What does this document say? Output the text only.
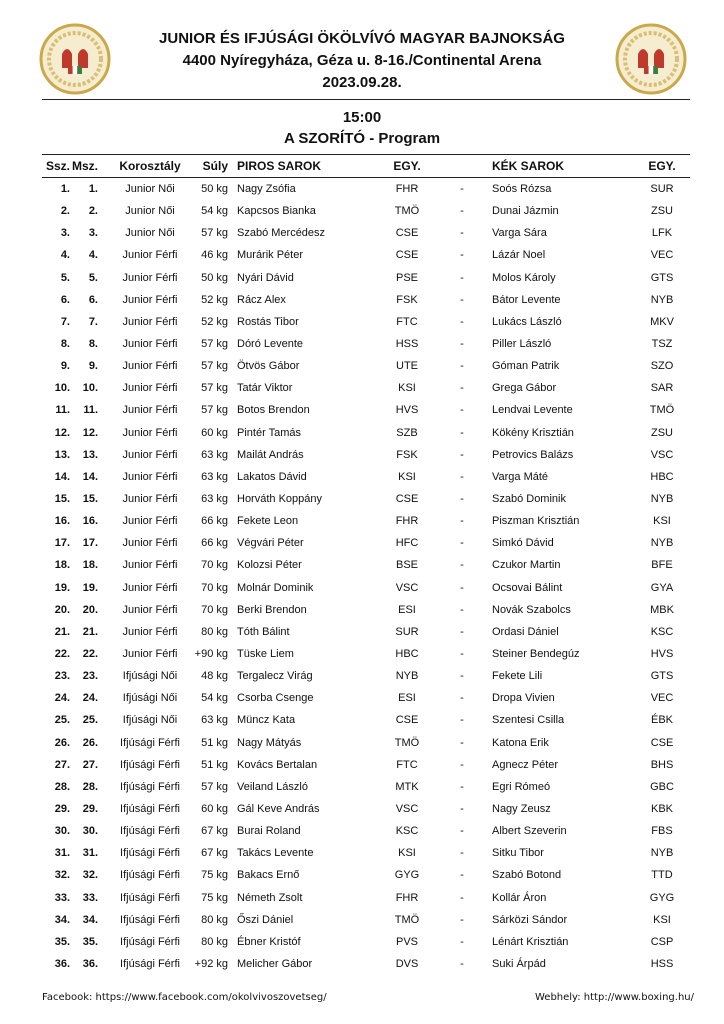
JUNIOR ÉS IFJÚSÁGI ÖKÖLVÍVÓ MAGYAR BAJNOKSÁG
4400 Nyíregyháza, Géza u. 8-16./Continental Arena
2023.09.28.
15:00
A SZORÍTÓ - Program
Ssz. Msz.	Korosztály	Súly PIROS SAROK	EGY.	KÉK SAROK	EGY.
1.	1.	Junior Női	50 kg Nagy Zsófia	FHR	-	Soós Rózsa	SUR
2.	2.	Junior Női	54 kg Kapcsos Bianka	TMÖ	-	Dunai Jázmin	ZSU
3.	3.	Junior Női	57 kg Szabó Mercédesz	CSE	-	Varga Sára	LFK
4.	4.	Junior Férfi	46 kg Murárik Péter	CSE	-	Lázár Noel	VEC
5.	5.	Junior Férfi	50 kg Nyári Dávid	PSE	-	Molos Károly	GTS
6.	6.	Junior Férfi	52 kg Rácz Alex	FSK	-	Bátor Levente	NYB
7.	7.	Junior Férfi	52 kg Rostás Tibor	FTC	-	Lukács László	MKV
8.	8.	Junior Férfi	57 kg Dóró Levente	HSS	-	Piller László	TSZ
9.	9.	Junior Férfi	57 kg Ötvös Gábor	UTE	-	Góman Patrik	SZO
10.	10.	Junior Férfi	57 kg Tatár Viktor	KSI	-	Grega Gábor	SAR
11.	11.	Junior Férfi	57 kg Botos Brendon	HVS	-	Lendvai Levente	TMÖ
12.	12.	Junior Férfi	60 kg Pintér Tamás	SZB	-	Kökény Krisztián	ZSU
13.	13.	Junior Férfi	63 kg Mailát András	FSK	-	Petrovics Balázs	VSC
14.	14.	Junior Férfi	63 kg Lakatos Dávid	KSI	-	Varga Máté	HBC
15.	15.	Junior Férfi	63 kg Horváth Koppány	CSE	-	Szabó Dominik	NYB
16.	16.	Junior Férfi	66 kg Fekete Leon	FHR	-	Piszman Krisztián	KSI
17.	17.	Junior Férfi	66 kg Végvári Péter	HFC	-	Simkó Dávid	NYB
18.	18.	Junior Férfi	70 kg Kolozsi Péter	BSE	-	Czukor Martin	BFE
19.	19.	Junior Férfi	70 kg Molnár Dominik	VSC	-	Ocsovai Bálint	GYA
20.	20.	Junior Férfi	70 kg Berki Brendon	ESI	-	Novák Szabolcs	MBK
21.	21.	Junior Férfi	80 kg Tóth Bálint	SUR	-	Ordasi Dániel	KSC
22.	22.	Junior Férfi	+90 kg Tüske Liem	HBC	-	Steiner Bendegúz	HVS
23.	23.	Ifjúsági Női	48 kg Tergalecz Virág	NYB	-	Fekete Lili	GTS
24.	24.	Ifjúsági Női	54 kg Csorba Csenge	ESI	-	Dropa Vivien	VEC
25.	25.	Ifjúsági Női	63 kg Müncz Kata	CSE	-	Szentesi Csilla	ÉBK
26.	26.	Ifjúsági Férfi	51 kg Nagy Mátyás	TMÖ	-	Katona Erik	CSE
27.	27.	Ifjúsági Férfi	51 kg Kovács Bertalan	FTC	-	Agnecz Péter	BHS
28.	28.	Ifjúsági Férfi	57 kg Veiland László	MTK	-	Egri Rómeó	GBC
29.	29.	Ifjúsági Férfi	60 kg Gál Keve András	VSC	-	Nagy Zeusz	KBK
30.	30.	Ifjúsági Férfi	67 kg Burai Roland	KSC	-	Albert Szeverin	FBS
31.	31.	Ifjúsági Férfi	67 kg Takács Levente	KSI	-	Sitku Tibor	NYB
32.	32.	Ifjúsági Férfi	75 kg Bakacs Ernő	GYG	-	Szabó Botond	TTD
33.	33.	Ifjúsági Férfi	75 kg Németh Zsolt	FHR	-	Kollár Áron	GYG
34.	34.	Ifjúsági Férfi	80 kg Őszi Dániel	TMÖ	-	Sárközi Sándor	KSI
35.	35.	Ifjúsági Férfi	80 kg Ébner Kristóf	PVS	-	Lénárt Krisztián	CSP
36.	36.	Ifjúsági Férfi	+92 kg Melicher Gábor	DVS	-	Suki Árpád	HSS
Facebook: https://www.facebook.com/okolvivoszovetseg/	Webhely: http://www.boxing.hu/
